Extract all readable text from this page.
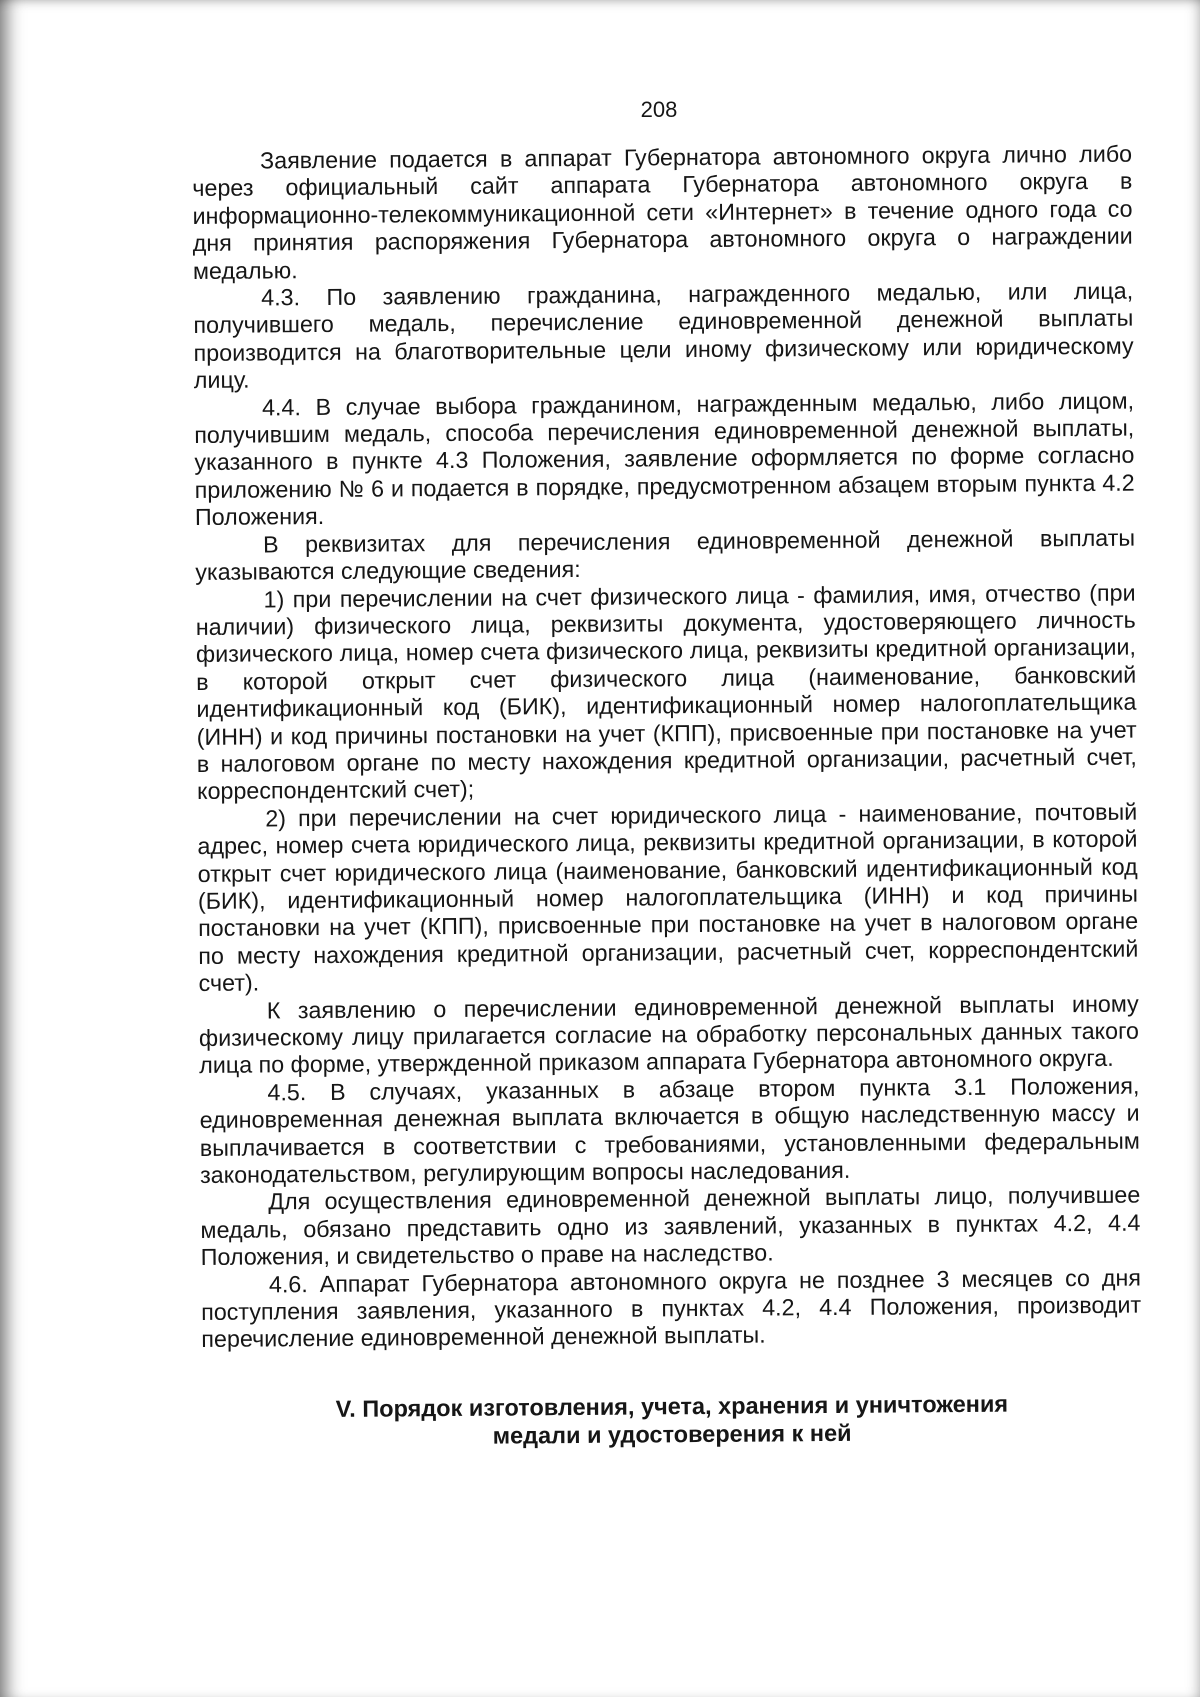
208

Заявление подается в аппарат Губернатора автономного округа лично либо через официальный сайт аппарата Губернатора автономного округа в информационно-телекоммуникационной сети «Интернет» в течение одного года со дня принятия распоряжения Губернатора автономного округа о награждении медалью.

4.3. По заявлению гражданина, награжденного медалью, или лица, получившего медаль, перечисление единовременной денежной выплаты производится на благотворительные цели иному физическому или юридическому лицу.

4.4. В случае выбора гражданином, награжденным медалью, либо лицом, получившим медаль, способа перечисления единовременной денежной выплаты, указанного в пункте 4.3 Положения, заявление оформляется по форме согласно приложению № 6 и подается в порядке, предусмотренном абзацем вторым пункта 4.2 Положения.

В реквизитах для перечисления единовременной денежной выплаты указываются следующие сведения:

1) при перечислении на счет физического лица - фамилия, имя, отчество (при наличии) физического лица, реквизиты документа, удостоверяющего личность физического лица, номер счета физического лица, реквизиты кредитной организации, в которой открыт счет физического лица (наименование, банковский идентификационный код (БИК), идентификационный номер налогоплательщика (ИНН) и код причины постановки на учет (КПП), присвоенные при постановке на учет в налоговом органе по месту нахождения кредитной организации, расчетный счет, корреспондентский счет);

2) при перечислении на счет юридического лица - наименование, почтовый адрес, номер счета юридического лица, реквизиты кредитной организации, в которой открыт счет юридического лица (наименование, банковский идентификационный код (БИК), идентификационный номер налогоплательщика (ИНН) и код причины постановки на учет (КПП), присвоенные при постановке на учет в налоговом органе по месту нахождения кредитной организации, расчетный счет, корреспондентский счет).

К заявлению о перечислении единовременной денежной выплаты иному физическому лицу прилагается согласие на обработку персональных данных такого лица по форме, утвержденной приказом аппарата Губернатора автономного округа.

4.5. В случаях, указанных в абзаце втором пункта 3.1 Положения, единовременная денежная выплата включается в общую наследственную массу и выплачивается в соответствии с требованиями, установленными федеральным законодательством, регулирующим вопросы наследования.

Для осуществления единовременной денежной выплаты лицо, получившее медаль, обязано представить одно из заявлений, указанных в пунктах 4.2, 4.4 Положения, и свидетельство о праве на наследство.

4.6. Аппарат Губернатора автономного округа не позднее 3 месяцев со дня поступления заявления, указанного в пунктах 4.2, 4.4 Положения, производит перечисление единовременной денежной выплаты.

V. Порядок изготовления, учета, хранения и уничтожения
медали и удостоверения к ней
